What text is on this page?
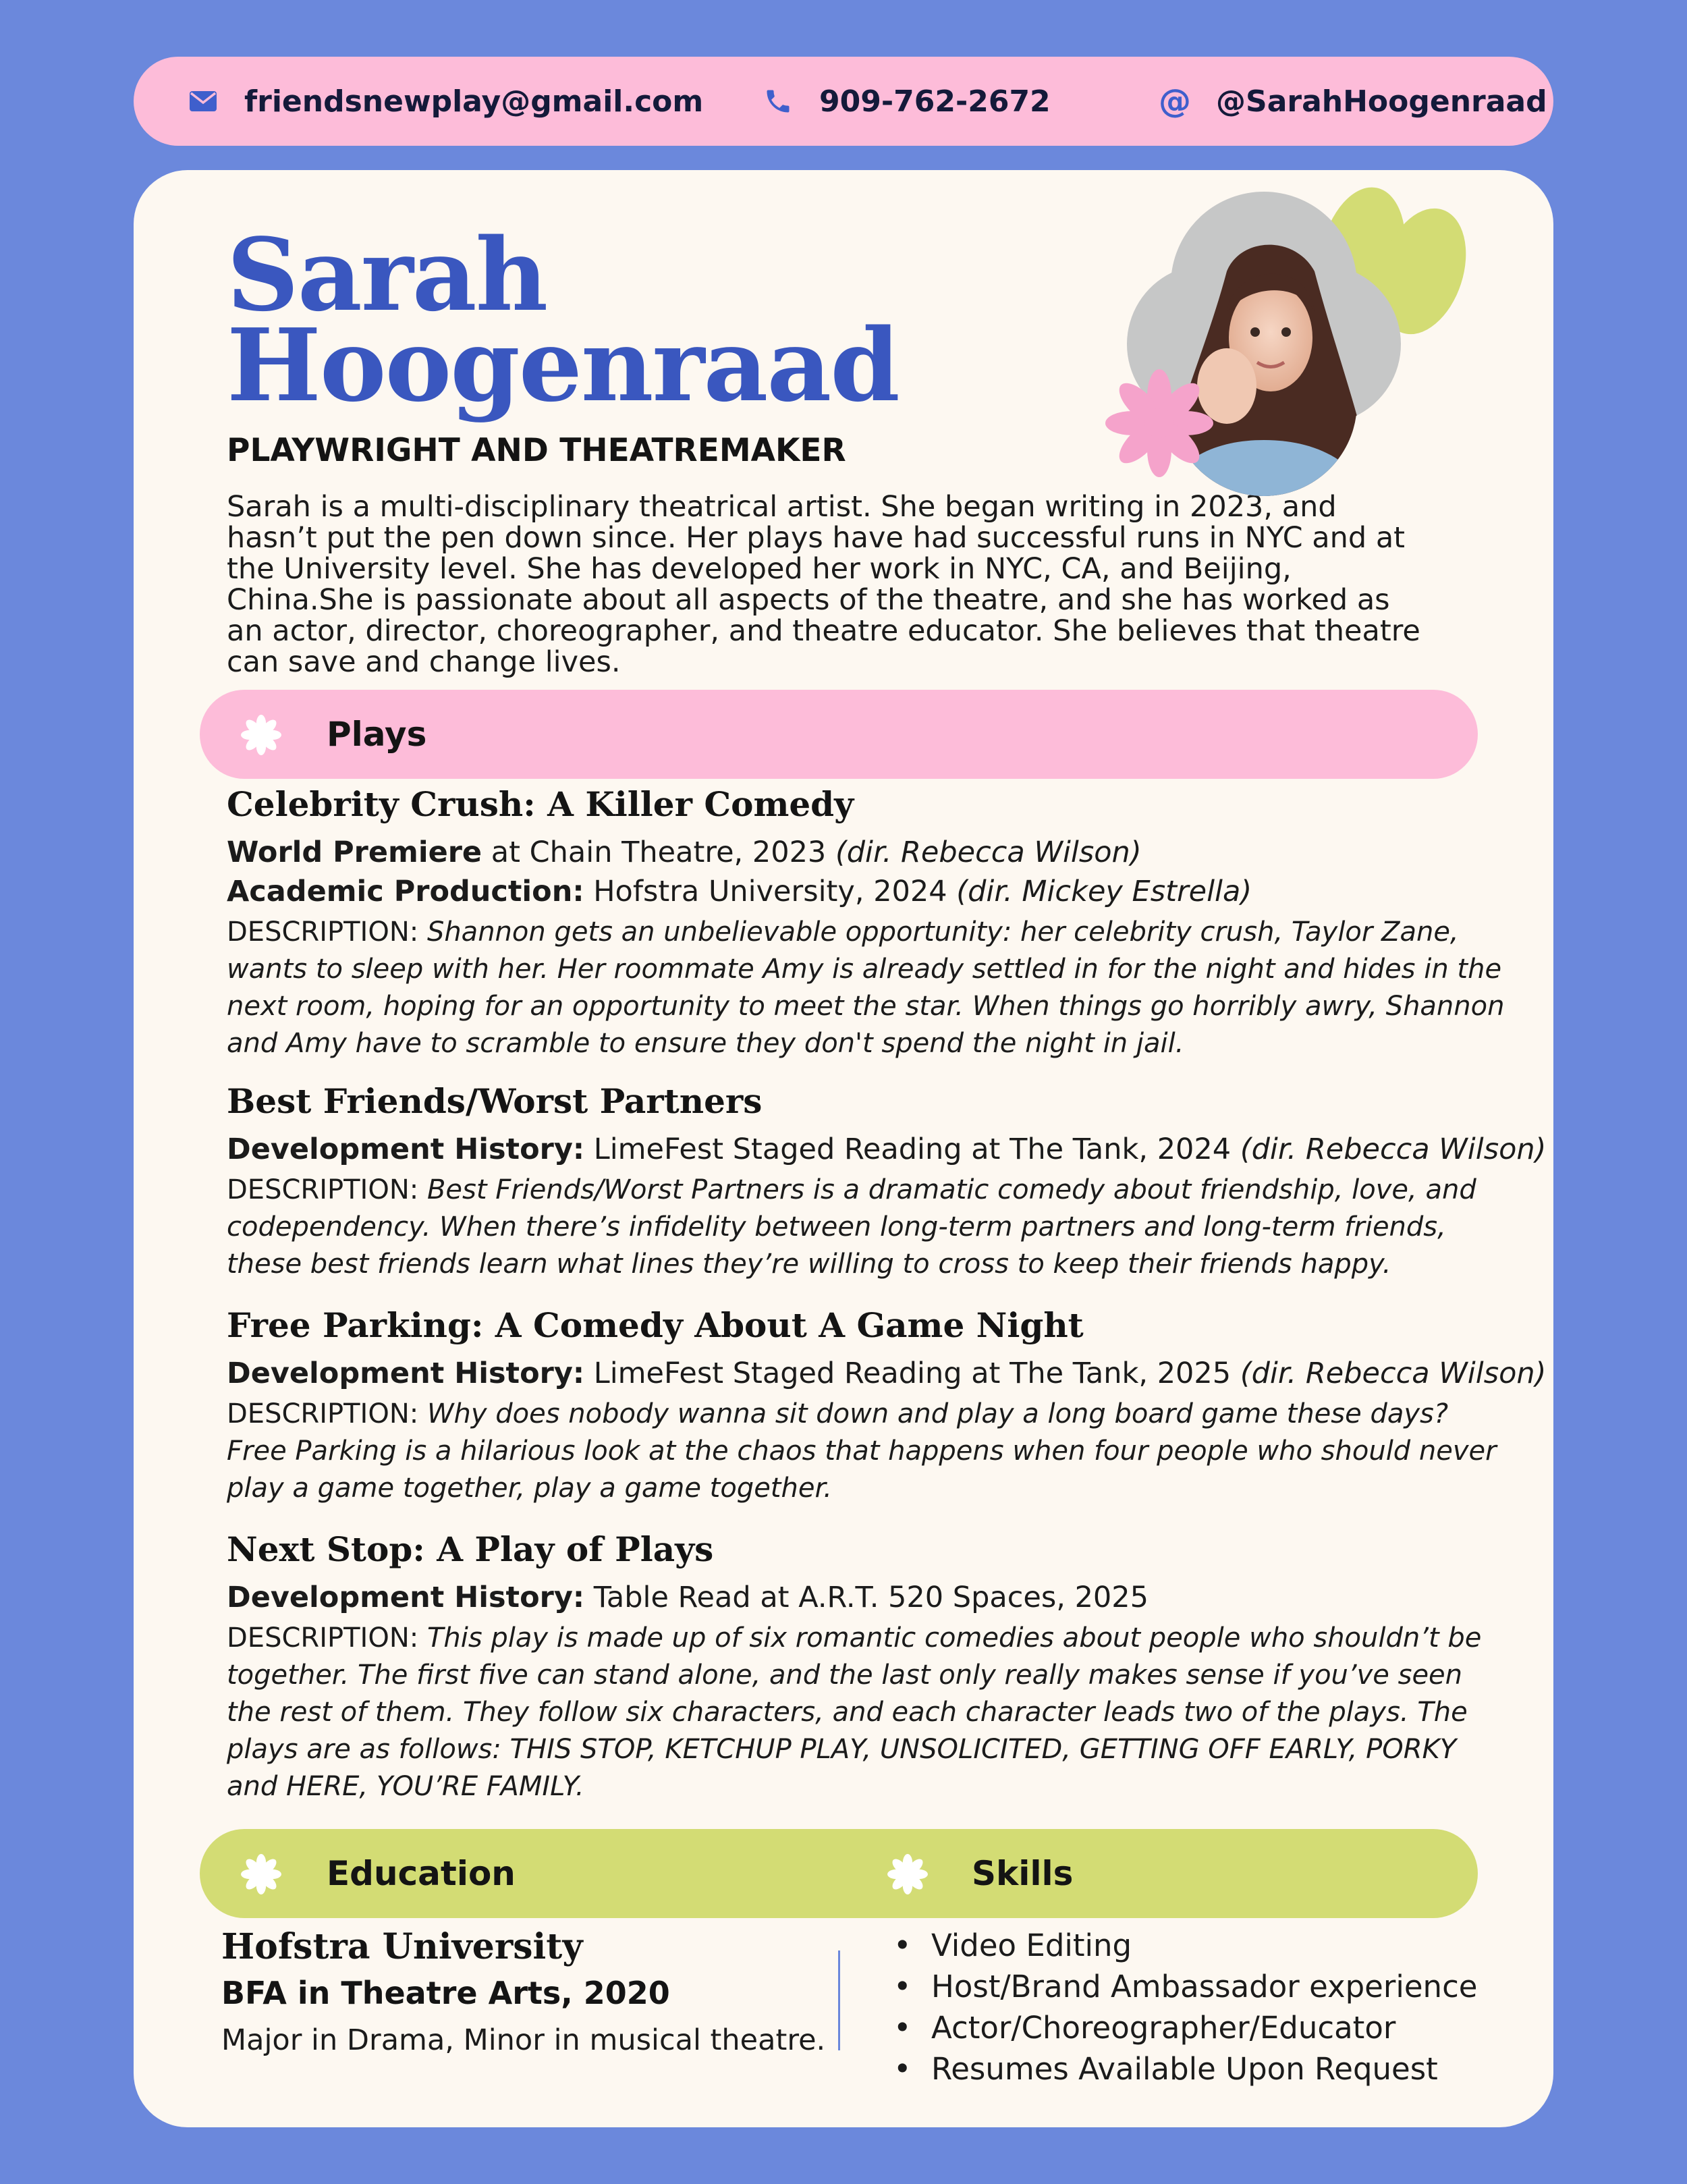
friendsnewplay@gmail.com	909-762-2672	@ @SarahHoogenraad
Sarah
Hoogenraad
PLAYWRIGHT AND THEATREMAKER

Sarah is a multi-disciplinary theatrical artist. She began writing in 2023, and hasn’t put the pen down since. Her plays have had successful runs in NYC and at the University level. She has developed her work in NYC, CA, and Beijing, China.She is passionate about all aspects of the theatre, and she has worked as an actor, director, choreographer, and theatre educator. She believes that theatre can save and change lives.

Plays
Celebrity Crush: A Killer Comedy
World Premiere at Chain Theatre, 2023 (dir. Rebecca Wilson)
Academic Production: Hofstra University, 2024 (dir. Mickey Estrella)
DESCRIPTION: Shannon gets an unbelievable opportunity: her celebrity crush, Taylor Zane, wants to sleep with her. Her roommate Amy is already settled in for the night and hides in the next room, hoping for an opportunity to meet the star. When things go horribly awry, Shannon and Amy have to scramble to ensure they don't spend the night in jail.
Best Friends/Worst Partners
Development History: LimeFest Staged Reading at The Tank, 2024 (dir. Rebecca Wilson)
DESCRIPTION: Best Friends/Worst Partners is a dramatic comedy about friendship, love, and codependency. When there’s infidelity between long-term partners and long-term friends, these best friends learn what lines they’re willing to cross to keep their friends happy.
Free Parking: A Comedy About A Game Night
Development History: LimeFest Staged Reading at The Tank, 2025 (dir. Rebecca Wilson)
DESCRIPTION: Why does nobody wanna sit down and play a long board game these days? Free Parking is a hilarious look at the chaos that happens when four people who should never play a game together, play a game together.
Next Stop: A Play of Plays
Development History: Table Read at A.R.T. 520 Spaces, 2025
DESCRIPTION: This play is made up of six romantic comedies about people who shouldn’t be together. The first five can stand alone, and the last only really makes sense if you’ve seen the rest of them. They follow six characters, and each character leads two of the plays. The plays are as follows: THIS STOP, KETCHUP PLAY, UNSOLICITED, GETTING OFF EARLY, PORKY and HERE, YOU’RE FAMILY.
Education	Skills
Hofstra University
BFA in Theatre Arts, 2020
Major in Drama, Minor in musical theatre.
• Video Editing
• Host/Brand Ambassador experience
• Actor/Choreographer/Educator
• Resumes Available Upon Request
